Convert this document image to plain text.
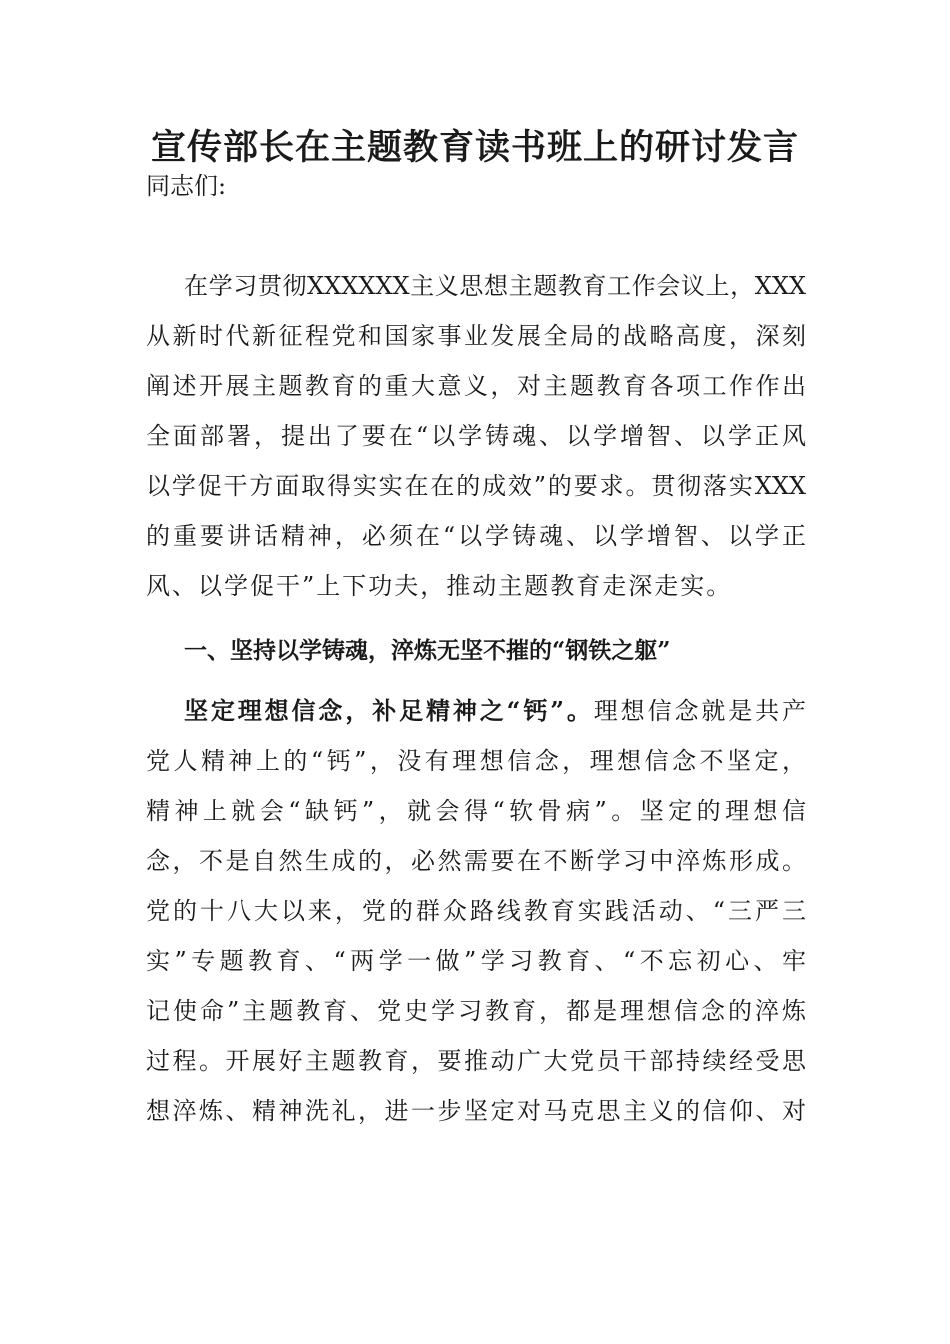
宣传部长在主题教育读书班上的研讨发言
同志们:
在学习贯彻XXXXXX主义思想主题教育工作会议上，XXX
从新时代新征程党和国家事业发展全局的战略高度，深刻
阐述开展主题教育的重大意义，对主题教育各项工作作出
全面部署，提出了要在“以学铸魂、以学增智、以学正风
以学促干方面取得实实在在的成效”的要求。贯彻落实XXX
的重要讲话精神，必须在“以学铸魂、以学增智、以学正
风、以学促干”上下功夫，推动主题教育走深走实。
一、坚持以学铸魂，淬炼无坚不摧的“钢铁之躯”
坚定理想信念，补足精神之“钙”。理想信念就是共产
党人精神上的“钙”，没有理想信念，理想信念不坚定，
精神上就会“缺钙”，就会得“软骨病”。坚定的理想信
念，不是自然生成的，必然需要在不断学习中淬炼形成。
党的十八大以来，党的群众路线教育实践活动、“三严三
实”专题教育、“两学一做”学习教育、“不忘初心、牢
记使命”主题教育、党史学习教育，都是理想信念的淬炼
过程。开展好主题教育，要推动广大党员干部持续经受思
想淬炼、精神洗礼，进一步坚定对马克思主义的信仰、对
